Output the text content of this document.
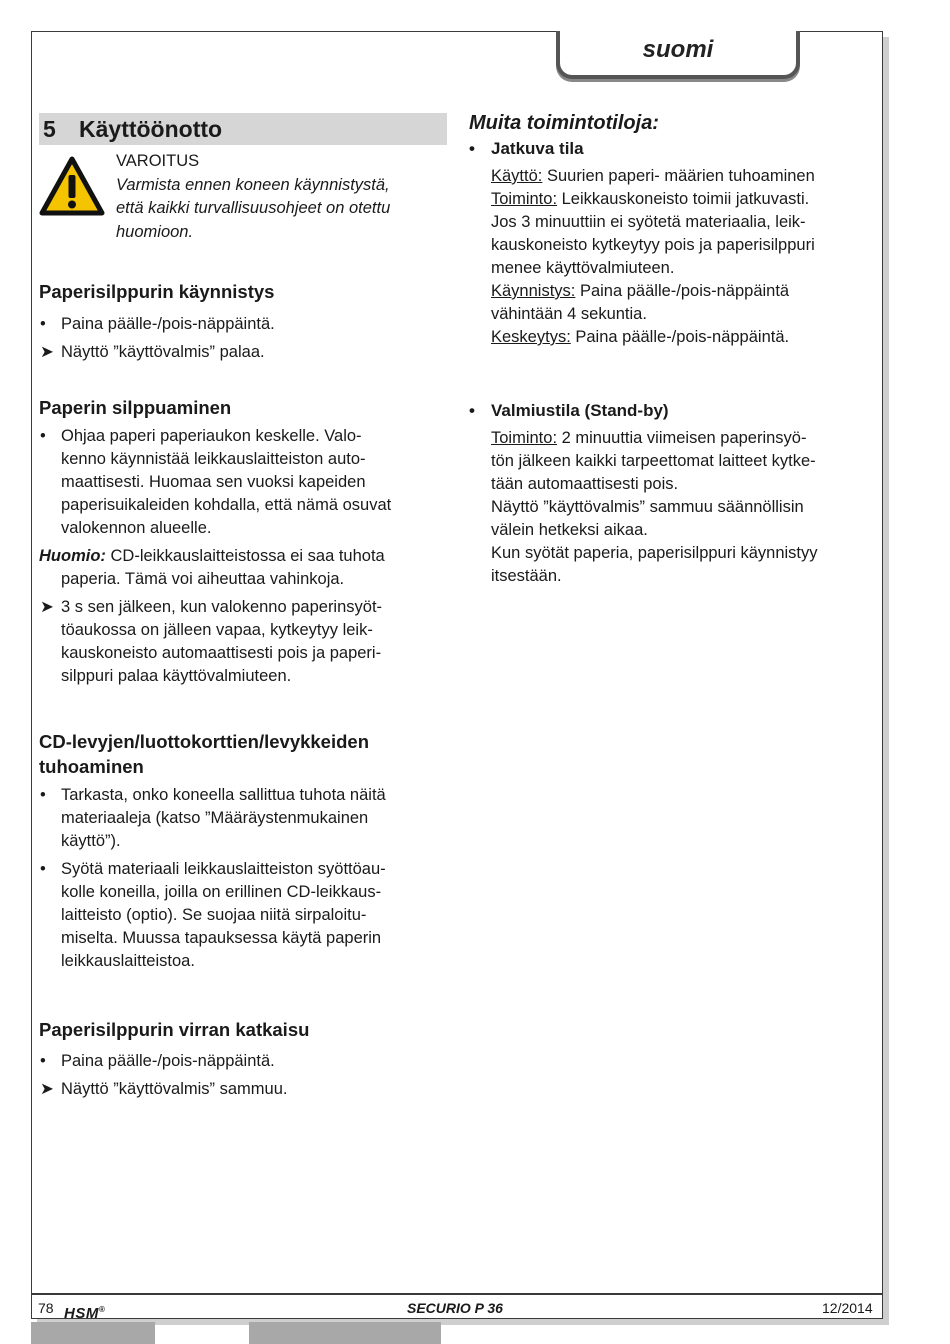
suomi
5 Käyttöönotto
VAROITUS
Varmista ennen koneen käynnistystä,
että kaikki turvallisuusohjeet on otettu
huomioon.
Paperisilppurin käynnistys
• Paina päälle-/pois-näppäintä.
➤ Näyttö ”käyttövalmis” palaa.
Paperin silppuaminen
• Ohjaa paperi paperiaukon keskelle. Valo-
kenno käynnistää leikkauslaitteiston auto-
maattisesti. Huomaa sen vuoksi kapeiden
paperisuikaleiden kohdalla, että nämä osuvat
valokennon alueelle.
Huomio: CD-leikkauslaitteistossa ei saa tuhota
paperia. Tämä voi aiheuttaa vahinkoja.
➤ 3 s sen jälkeen, kun valokenno paperinsyöt-
töaukossa on jälleen vapaa, kytkeytyy leik-
kauskoneisto automaattisesti pois ja paperi-
silppuri palaa käyttövalmiuteen.
CD-levyjen/luottokorttien/levykkeiden
tuhoaminen
• Tarkasta, onko koneella sallittua tuhota näitä
materiaaleja (katso ”Määräystenmukainen
käyttö”).
• Syötä materiaali leikkauslaitteiston syöttöau-
kolle koneilla, joilla on erillinen CD-leikkaus-
laitteisto (optio). Se suojaa niitä sirpaloitu-
miselta. Muussa tapauksessa käytä paperin
leikkauslaitteistoa.
Paperisilppurin virran katkaisu
• Paina päälle-/pois-näppäintä.
➤ Näyttö ”käyttövalmis” sammuu.
Muita toimintotiloja:
• Jatkuva tila
Käyttö: Suurien paperi- määrien tuhoaminen
Toiminto: Leikkauskoneisto toimii jatkuvasti.
Jos 3 minuuttiin ei syötetä materiaalia, leik-
kauskoneisto kytkeytyy pois ja paperisilppuri
menee käyttövalmiuteen.
Käynnistys: Paina päälle-/pois-näppäintä
vähintään 4 sekuntia.
Keskeytys: Paina päälle-/pois-näppäintä.
• Valmiustila (Stand-by)
Toiminto: 2 minuuttia viimeisen paperinsyö-
tön jälkeen kaikki tarpeettomat laitteet kytke-
tään automaattisesti pois.
Näyttö ”käyttövalmis” sammuu säännöllisin
välein hetkeksi aikaa.
Kun syötät paperia, paperisilppuri käynnistyy
itsestään.
78 HSM®	SECURIO P 36	12/2014
